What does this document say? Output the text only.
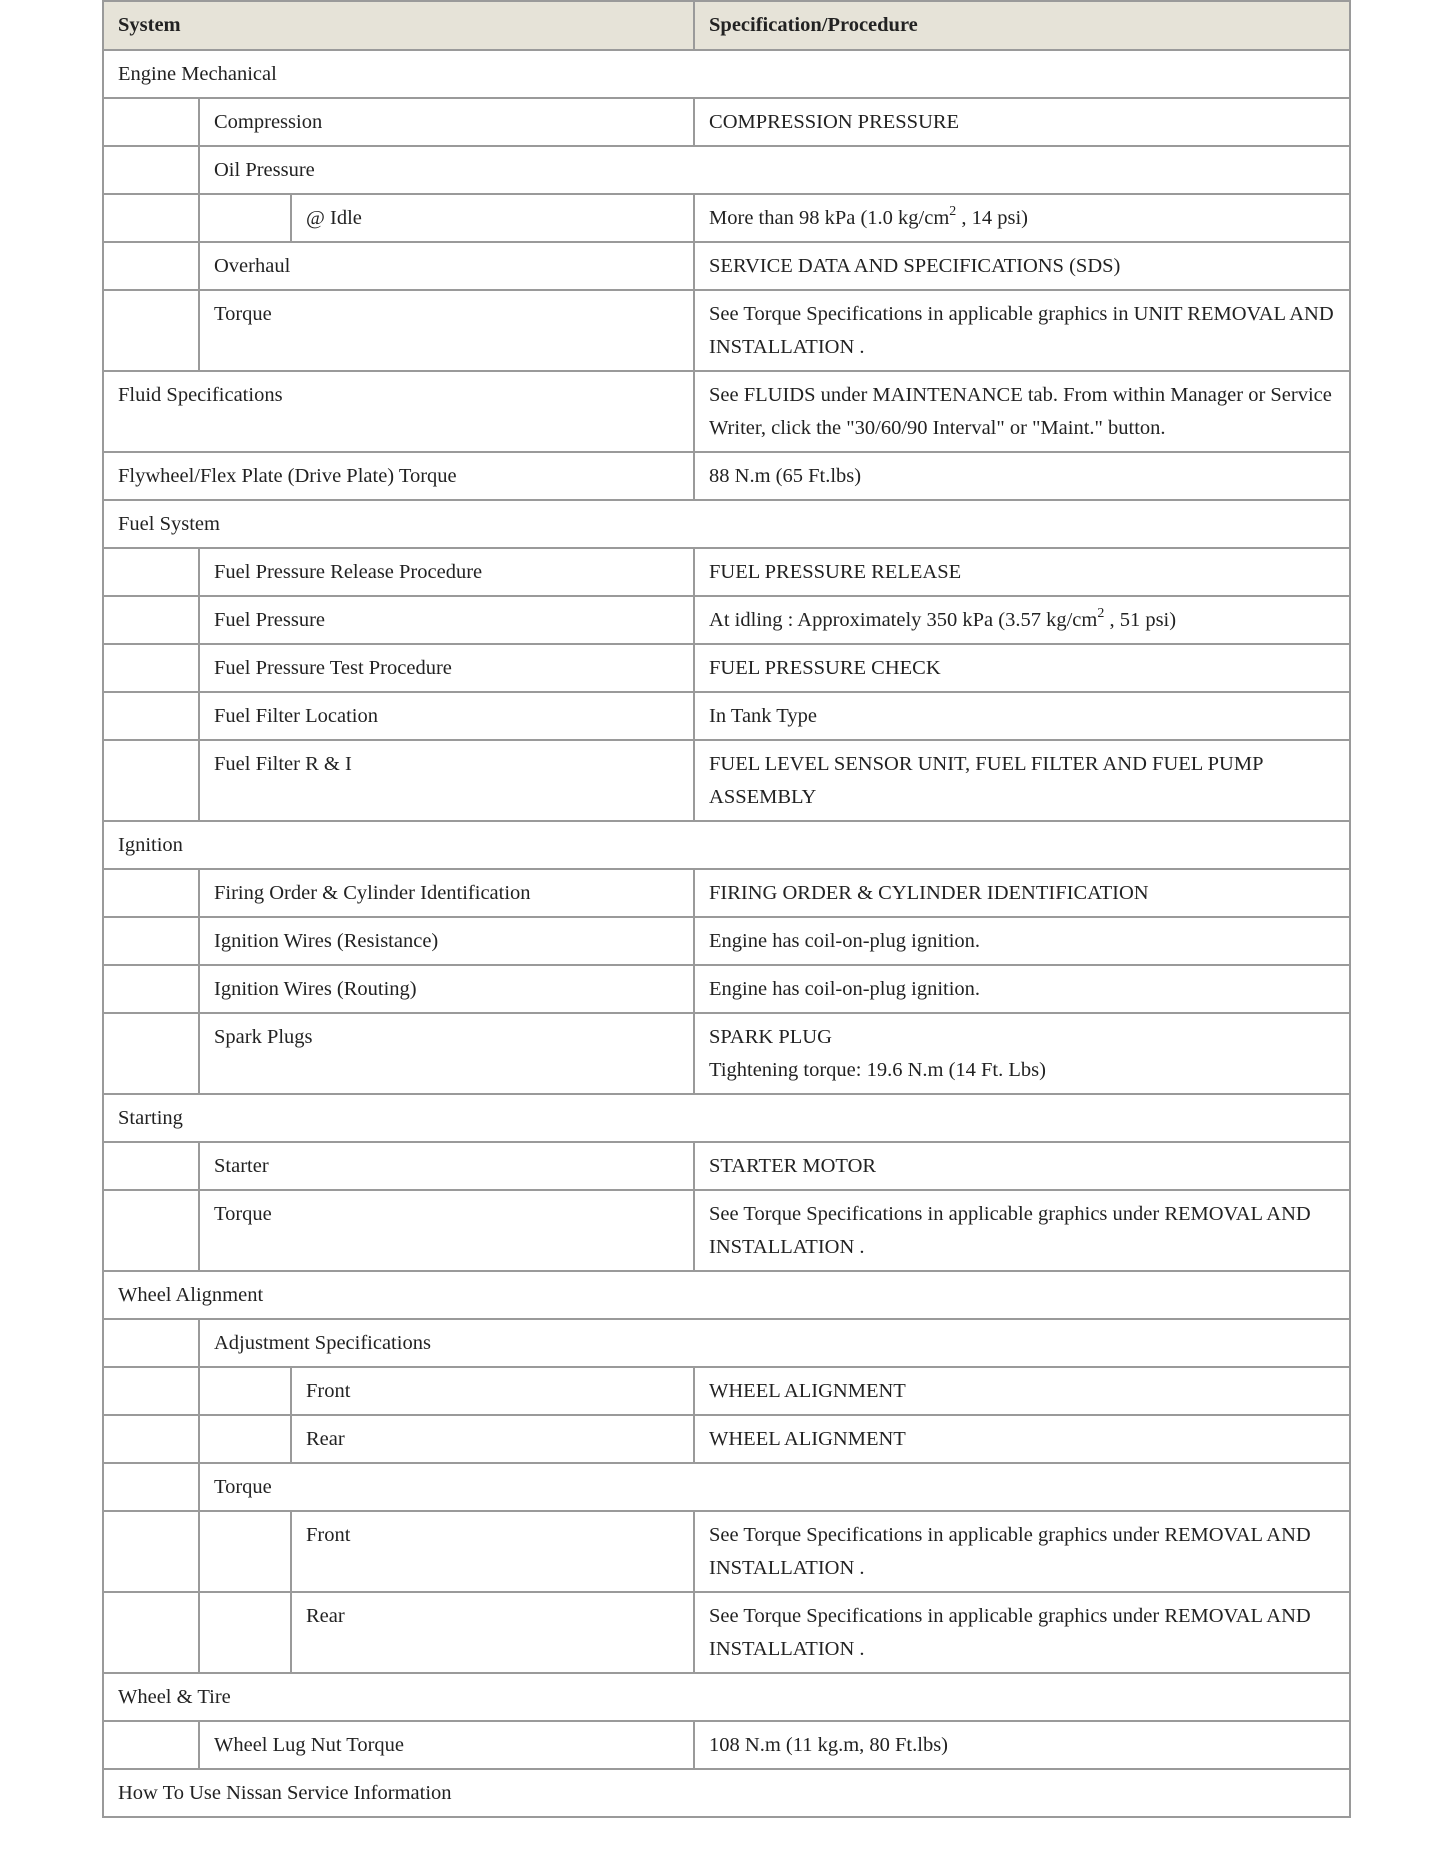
System			Specification/Procedure
Engine Mechanical			
	Compression		COMPRESSION PRESSURE

	Oil Pressure		
		@ Idle	More than 98 kPa (1.0 $kg/cm^2$ , 14 psi)

	Overhaul		SERVICE DATA AND SPECIFICATIONS (SDS)

	Torque		See Torque Specifications in applicable graphics in UNIT REMOVAL AND INSTALLATION .

Fluid Specifications			See FLUIDS under MAINTENANCE tab. From within Manager or Service Writer, click the "30/60/90 Interval" or "Maint." button.

Flywheel/Flex Plate (Drive Plate) Torque			88 N.m (65 Ft.lbs)

Fuel System			
	Fuel Pressure Release Procedure		FUEL PRESSURE RELEASE

	Fuel Pressure		At idling : Approximately 350 kPa (3.57 $kg/cm^2$ , 51 psi)

	Fuel Pressure Test Procedure		FUEL PRESSURE CHECK

	Fuel Filter Location		In Tank Type

	Fuel Filter R & I		FUEL LEVEL SENSOR UNIT, FUEL FILTER AND FUEL PUMP ASSEMBLY

Ignition			
	Firing Order & Cylinder Identification		FIRING ORDER & CYLINDER IDENTIFICATION

	Ignition Wires (Resistance)		Engine has coil-on-plug ignition.

	Ignition Wires (Routing)		Engine has coil-on-plug ignition.

	Spark Plugs		SPARK PLUG
Tightening torque: 19.6 N.m (14 Ft. Lbs)

Starting			
	Starter		STARTER MOTOR

	Torque		See Torque Specifications in applicable graphics under REMOVAL AND INSTALLATION .

Wheel Alignment			
	Adjustment Specifications		
		Front	WHEEL ALIGNMENT

		Rear	WHEEL ALIGNMENT

	Torque		
		Front	See Torque Specifications in applicable graphics under REMOVAL AND INSTALLATION .

		Rear	See Torque Specifications in applicable graphics under REMOVAL AND INSTALLATION .

Wheel & Tire			
	Wheel Lug Nut Torque		108 N.m (11 kg.m, 80 Ft.lbs)

How To Use Nissan Service Information			
